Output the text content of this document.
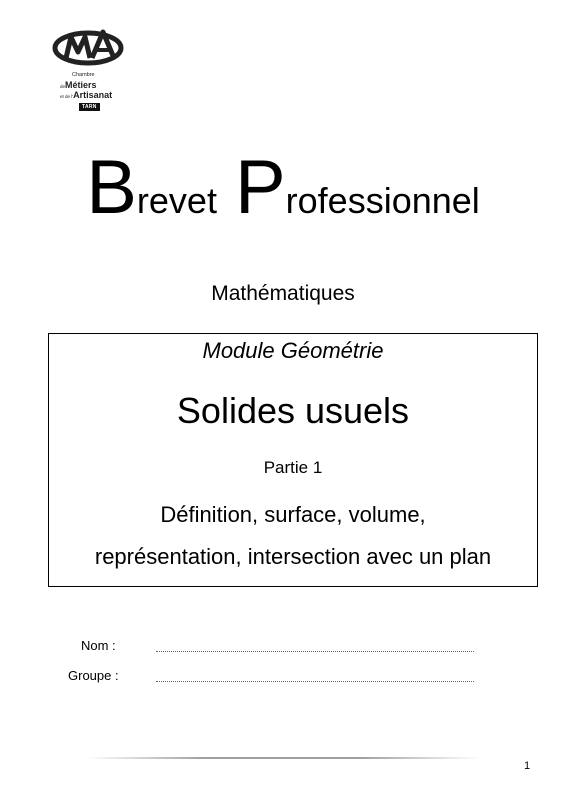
Chambre
deMétiers
et de l'Artisanat
TARN
Brevet Professionnel
Mathématiques
Module Géométrie
Solides usuels
Partie 1
Définition, surface, volume,
représentation, intersection avec un plan
Nom :
Groupe :
1
